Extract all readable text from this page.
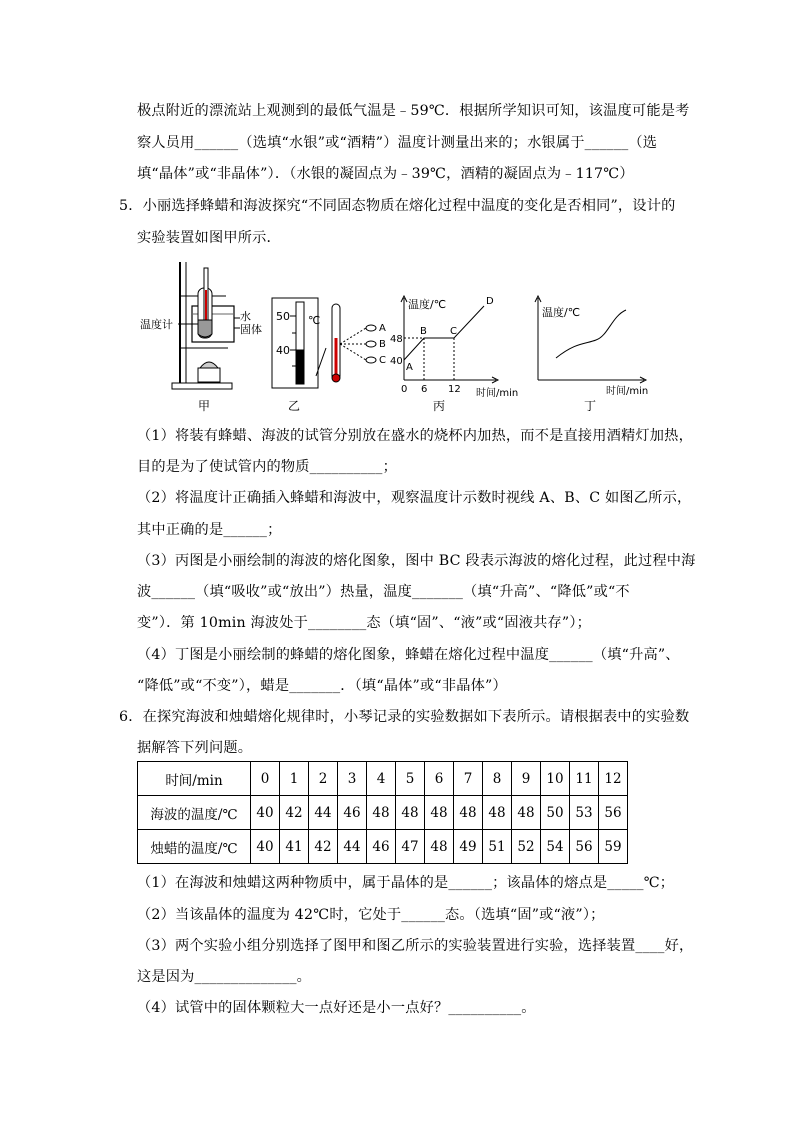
极点附近的漂流站上观测到的最低气温是﹣59℃．根据所学知识可知，该温度可能是考
察人员用______（选填“水银”或“酒精”）温度计测量出来的；水银属于______（选
填“晶体”或“非晶体”）．（水银的凝固点为﹣39℃，酒精的凝固点为﹣117℃）
5．小丽选择蜂蜡和海波探究“不同固态物质在熔化过程中温度的变化是否相同”，设计的
实验装置如图甲所示．
温度计
水
固体
甲
50
40
℃
A
B
C
乙
温度/℃
时间/min
48
40
0 6 12
A
B C
D
丙
温度/℃
时间/min
丁
（1）将装有蜂蜡、海波的试管分别放在盛水的烧杯内加热，而不是直接用酒精灯加热，
目的是为了使试管内的物质__________；
（2）将温度计正确插入蜂蜡和海波中，观察温度计示数时视线 A、B、C 如图乙所示，
其中正确的是______；
（3）丙图是小丽绘制的海波的熔化图象，图中 BC 段表示海波的熔化过程，此过程中海
波______（填“吸收”或“放出”）热量，温度_______（填“升高”、“降低”或“不
变”）．第 10min 海波处于________态（填“固”、“液”或“固液共存”）；
（4）丁图是小丽绘制的蜂蜡的熔化图象，蜂蜡在熔化过程中温度______（填“升高”、
“降低”或“不变”），蜡是_______．（填“晶体”或“非晶体”）
6．在探究海波和烛蜡熔化规律时，小琴记录的实验数据如下表所示。请根据表中的实验数
据解答下列问题。
时间/min	0	1	2	3	4	5	6	7	8	9	10	11	12
海波的温度/℃	40	42	44	46	48	48	48	48	48	48	50	53	56
烛蜡的温度/℃	40	41	42	44	46	47	48	49	51	52	54	56	59
（1）在海波和烛蜡这两种物质中，属于晶体的是______；该晶体的熔点是_____℃；
（2）当该晶体的温度为 42℃时，它处于______态。（选填“固”或“液”）；
（3）两个实验小组分别选择了图甲和图乙所示的实验装置进行实验，选择装置____好，
这是因为______________。
（4）试管中的固体颗粒大一点好还是小一点好？__________。
